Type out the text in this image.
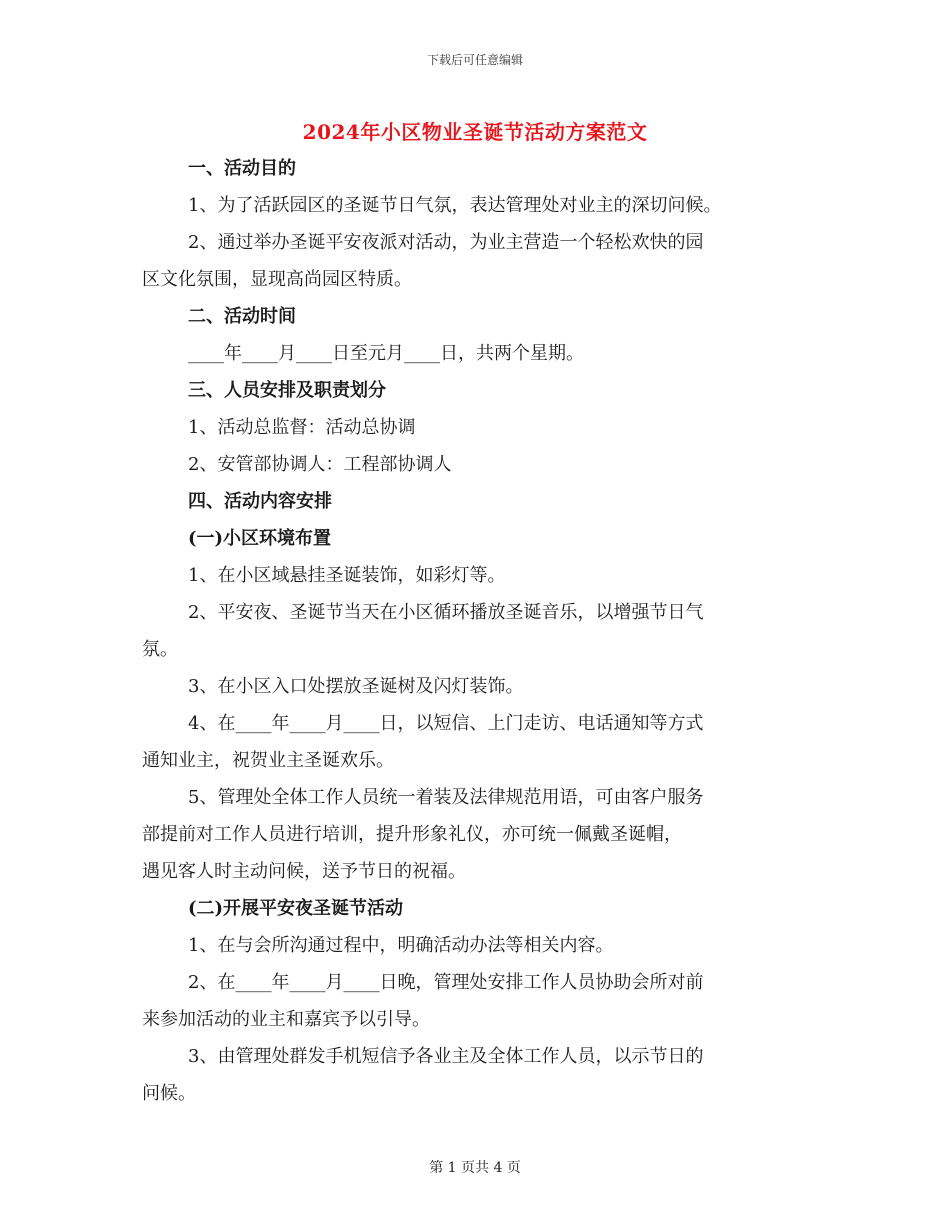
下载后可任意编辑
2024年小区物业圣诞节活动方案范文
一、活动目的
1、为了活跃园区的圣诞节日气氛，表达管理处对业主的深切问候。
2、通过举办圣诞平安夜派对活动，为业主营造一个轻松欢快的园
区文化氛围，显现高尚园区特质。
二、活动时间
____年____月____日至元月____日，共两个星期。
三、人员安排及职责划分
1、活动总监督：活动总协调
2、安管部协调人：工程部协调人
四、活动内容安排
(一)小区环境布置
1、在小区域悬挂圣诞装饰，如彩灯等。
2、平安夜、圣诞节当天在小区循环播放圣诞音乐，以增强节日气
氛。
3、在小区入口处摆放圣诞树及闪灯装饰。
4、在____年____月____日，以短信、上门走访、电话通知等方式
通知业主，祝贺业主圣诞欢乐。
5、管理处全体工作人员统一着装及法律规范用语，可由客户服务
部提前对工作人员进行培训，提升形象礼仪，亦可统一佩戴圣诞帽，
遇见客人时主动问候，送予节日的祝福。
(二)开展平安夜圣诞节活动
1、在与会所沟通过程中，明确活动办法等相关内容。
2、在____年____月____日晚，管理处安排工作人员协助会所对前
来参加活动的业主和嘉宾予以引导。
3、由管理处群发手机短信予各业主及全体工作人员，以示节日的
问候。
第 1 页共 4 页
